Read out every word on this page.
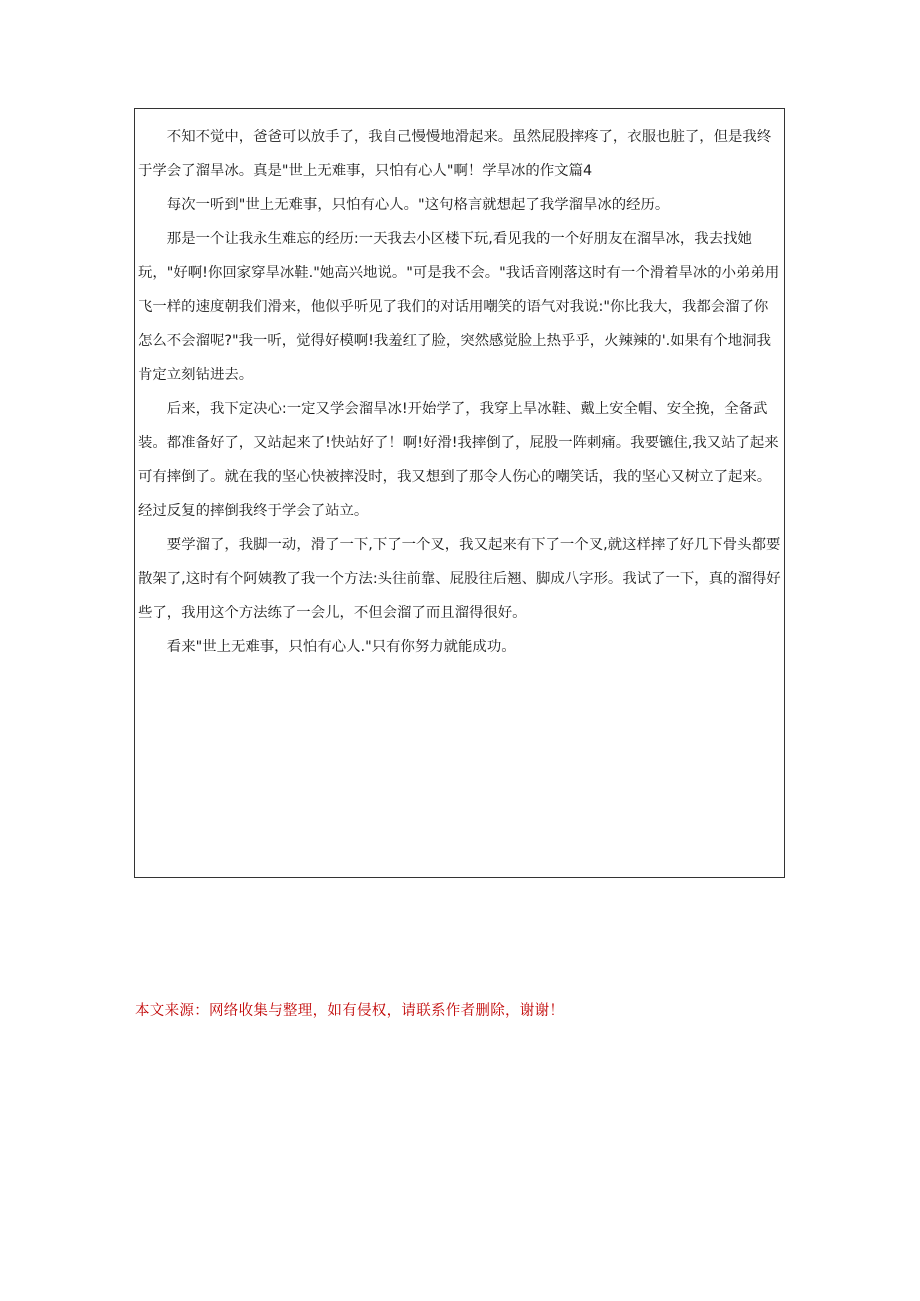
不知不觉中，爸爸可以放手了，我自己慢慢地滑起来。虽然屁股摔疼了，衣服也脏了，但是我终于学会了溜旱冰。真是"世上无难事，只怕有心人"啊！学旱冰的作文篇4

每次一听到"世上无难事，只怕有心人。"这句格言就想起了我学溜旱冰的经历。

那是一个让我永生难忘的经历:一天我去小区楼下玩,看见我的一个好朋友在溜旱冰，我去找她玩，"好啊!你回家穿旱冰鞋."她高兴地说。"可是我不会。"我话音刚落这时有一个滑着旱冰的小弟弟用飞一样的速度朝我们滑来，他似乎听见了我们的对话用嘲笑的语气对我说:"你比我大，我都会溜了你怎么不会溜呢?"我一听，觉得好模啊!我羞红了脸，突然感觉脸上热乎乎，火辣辣的'.如果有个地洞我肯定立刻钻进去。

后来，我下定决心:一定又学会溜旱冰!开始学了，我穿上旱冰鞋、戴上安全帽、安全挽，全备武装。都准备好了，又站起来了!快站好了！啊!好滑!我摔倒了，屁股一阵刺痛。我要镳住,我又站了起来可有摔倒了。就在我的坚心快被摔没时，我又想到了那令人伤心的嘲笑话，我的坚心又树立了起来。经过反复的摔倒我终于学会了站立。

要学溜了，我脚一动，滑了一下,下了一个叉，我又起来有下了一个叉,就这样摔了好几下骨头都要散架了,这时有个阿姨教了我一个方法:头往前靠、屁股往后翘、脚成八字形。我试了一下，真的溜得好些了，我用这个方法练了一会儿，不但会溜了而且溜得很好。

看来"世上无难事，只怕有心人."只有你努力就能成功。

本文来源：网络收集与整理，如有侵权，请联系作者删除，谢谢！
